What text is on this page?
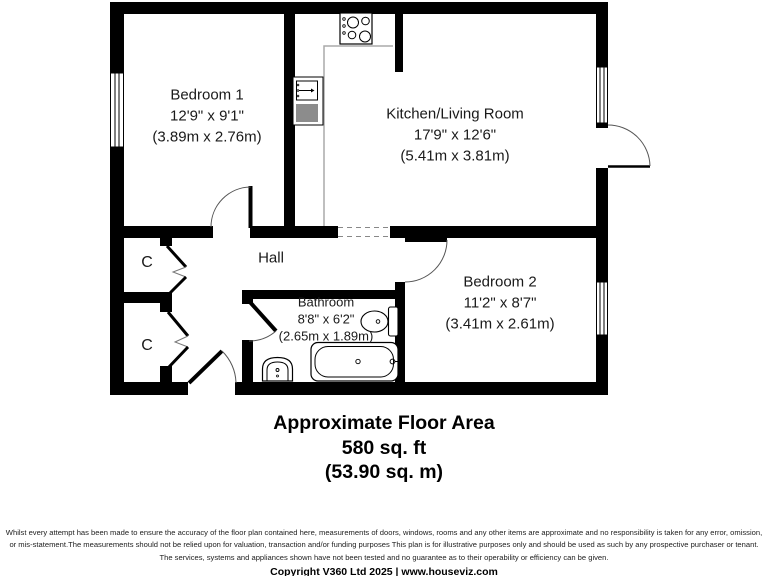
Bedroom 1
12'9" x 9'1"
(3.89m x 2.76m)
Kitchen/Living Room
17'9" x 12'6"
(5.41m x 3.81m)
Bedroom 2
11'2" x 8'7"
(3.41m x 2.61m)
Bathroom
8'8" x 6'2"
(2.65m x 1.89m)
Hall
C
C
Approximate Floor Area
580 sq. ft
(53.90 sq. m)
Whilst every attempt has been made to ensure the accuracy of the floor plan contained here, measurements of doors, windows, rooms and any other items are approximate and no responsibility is taken for any error, omission,
or mis-statement.The measurements should not be relied upon for valuation, transaction and/or funding purposes This plan is for illustrative purposes only and should be used as such by any prospective purchaser or tenant.
The services, systems and appliances shown have not been tested and no guarantee as to their operability or efficiency can be given.
Copyright V360 Ltd 2025 | www.houseviz.com
